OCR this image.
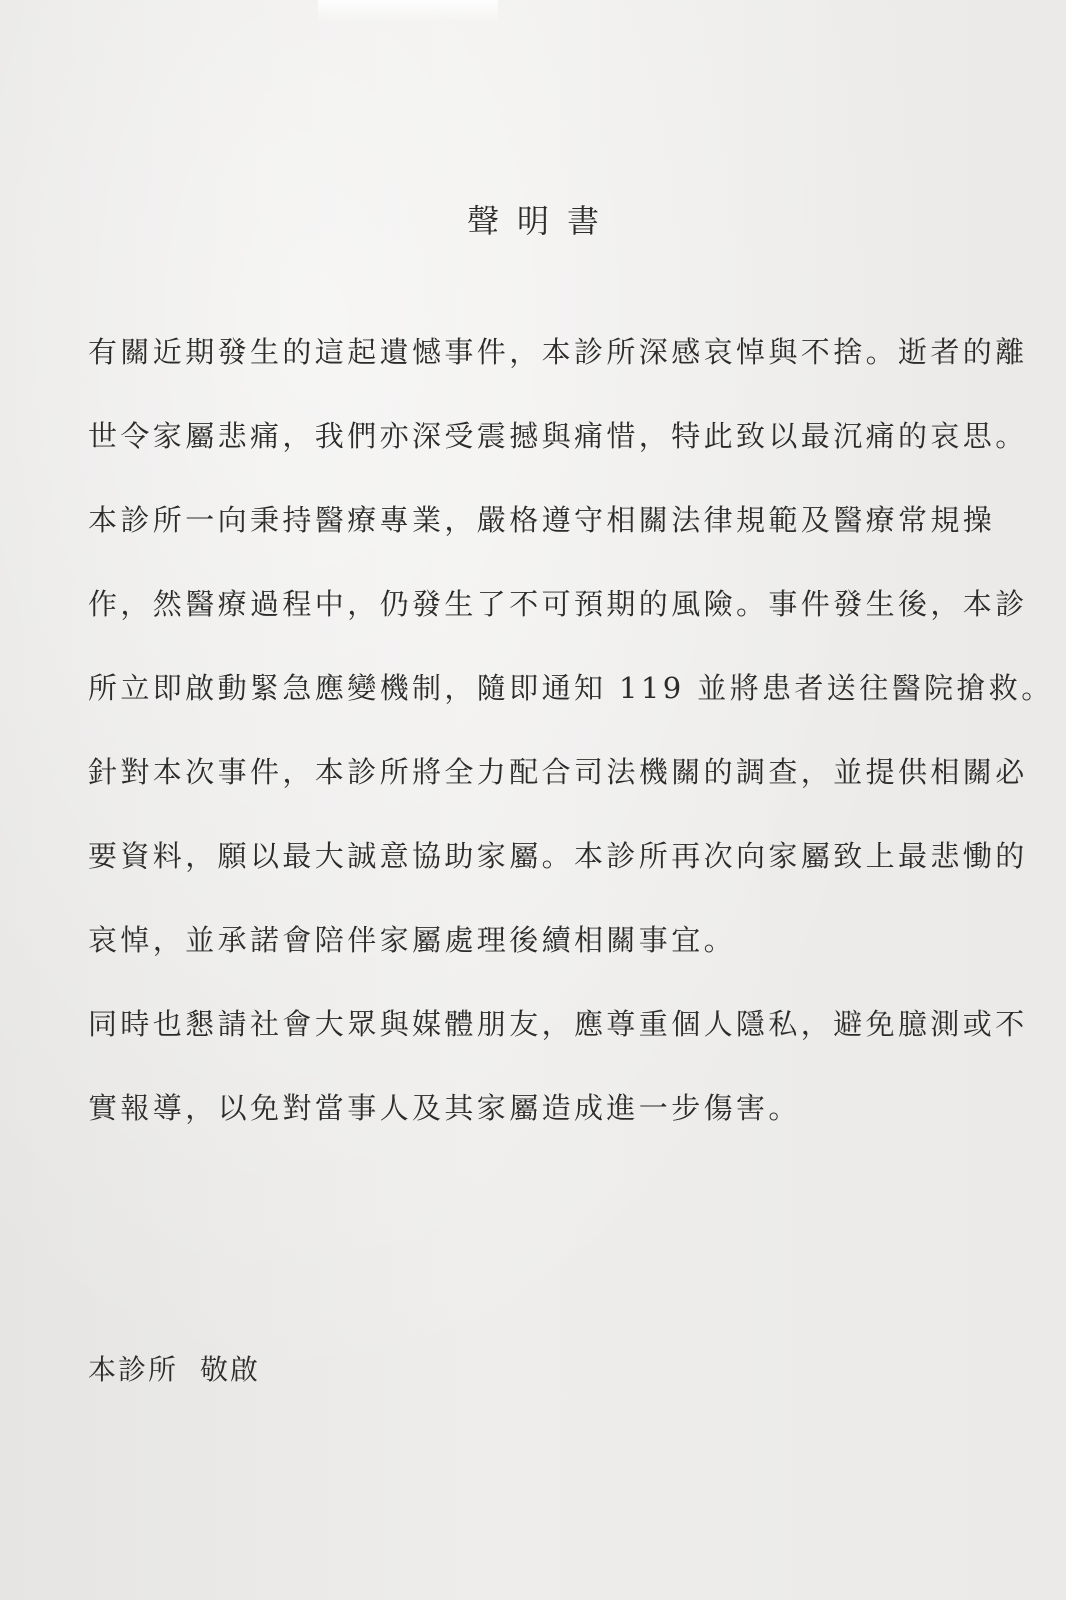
聲明書
有關近期發生的這起遺憾事件，本診所深感哀悼與不捨。逝者的離
世令家屬悲痛，我們亦深受震撼與痛惜，特此致以最沉痛的哀思。
本診所一向秉持醫療專業，嚴格遵守相關法律規範及醫療常規操
作，然醫療過程中，仍發生了不可預期的風險。事件發生後，本診
所立即啟動緊急應變機制，隨即通知 119 並將患者送往醫院搶救。
針對本次事件，本診所將全力配合司法機關的調查，並提供相關必
要資料，願以最大誠意協助家屬。本診所再次向家屬致上最悲慟的
哀悼，並承諾會陪伴家屬處理後續相關事宜。
同時也懇請社會大眾與媒體朋友，應尊重個人隱私，避免臆測或不
實報導，以免對當事人及其家屬造成進一步傷害。
本診所 敬啟
